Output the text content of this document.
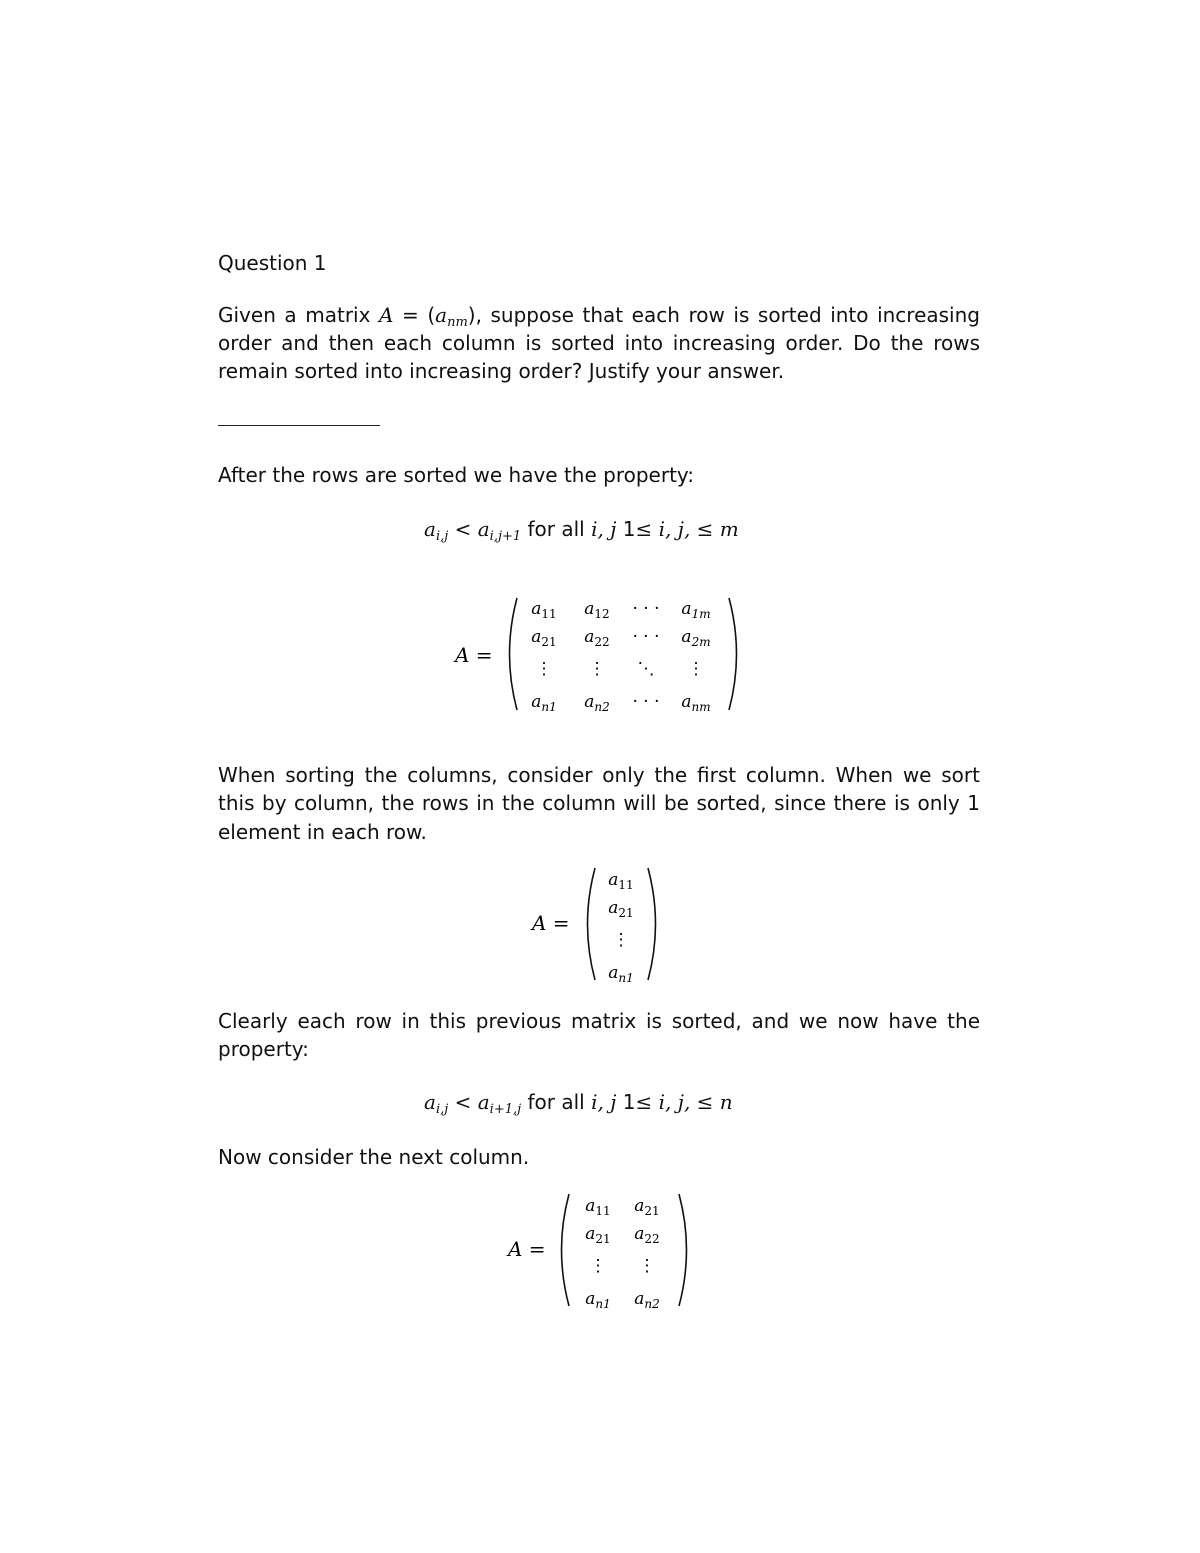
Question 1

Given a matrix $A = (a_{nm})$, suppose that each row is sorted into increasing order and then each column is sorted into increasing order. Do the rows remain sorted into increasing order? Justify your answer.

After the rows are sorted we have the property:

$a_{i,j} < a_{i,j+1}$ for all i, j 1≤ i, j, ≤ m
A =
$a_{11}$ $a_{12}$ · · · $a_{1m}$
$a_{21}$ $a_{22}$ · · · $a_{2m}$
⋮ ⋮ ⋱ ⋮
$a_{n1}$ $a_{n2}$ · · · $a_{nm}$

When sorting the columns, consider only the first column. When we sort

this by column, the rows in the column will be sorted, since there is only 1

element in each row.

A =
$a_{11}$
$a_{21}$
⋮
$a_{n1}$

Clearly each row in this previous matrix is sorted, and we now have the

property:

$a_{i,j} < a_{i+1,j}$ for all i, j 1≤ i, j, ≤ n

Now consider the next column.

A =
$a_{11}$ $a_{21}$
$a_{21}$ $a_{22}$
⋮ ⋮
$a_{n1}$ $a_{n2}$
